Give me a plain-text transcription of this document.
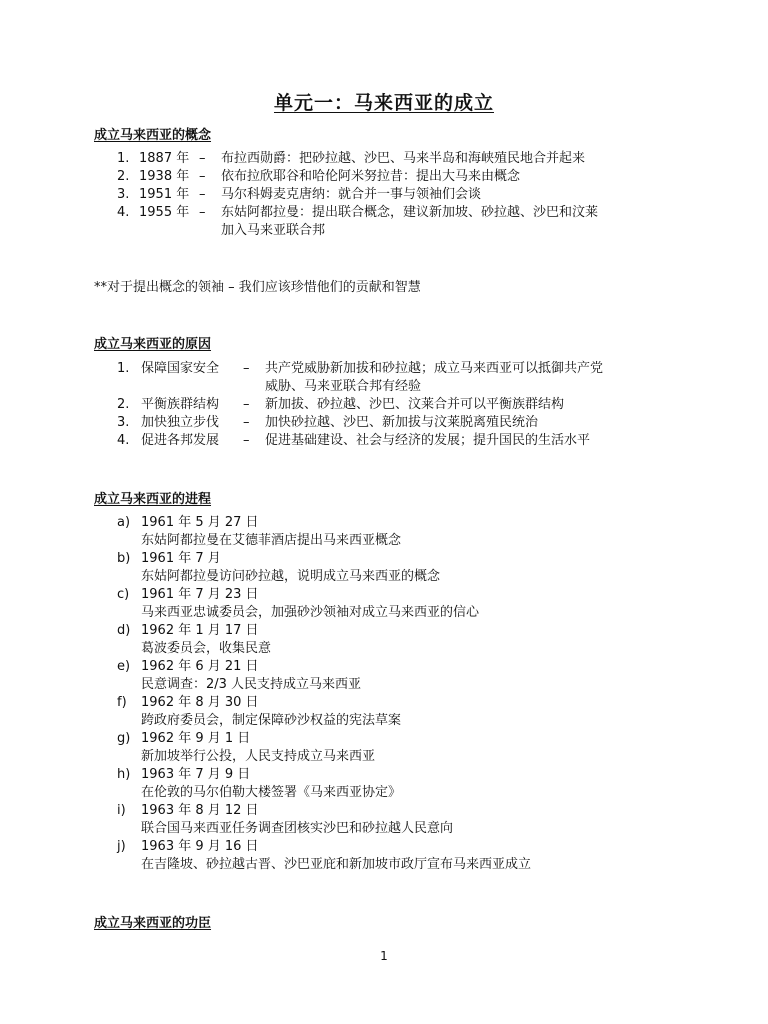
单元一：马来西亚的成立
成立马来西亚的概念
1. 1887 年 – 布拉西勋爵：把砂拉越、沙巴、马来半岛和海峡殖民地合并起来
2. 1938 年 – 依布拉欣耶谷和哈伦阿米努拉昔：提出大马来由概念
3. 1951 年 – 马尔科姆麦克唐纳：就合并一事与领袖们会谈
4. 1955 年 – 东姑阿都拉曼：提出联合概念，建议新加坡、砂拉越、沙巴和汶莱
加入马来亚联合邦
**对于提出概念的领袖 – 我们应该珍惜他们的贡献和智慧
成立马来西亚的原因
1. 保障国家安全 – 共产党威胁新加拔和砂拉越；成立马来西亚可以抵御共产党
威胁、马来亚联合邦有经验
2. 平衡族群结构 – 新加拔、砂拉越、沙巴、汶莱合并可以平衡族群结构
3. 加快独立步伐 – 加快砂拉越、沙巴、新加拔与汶莱脱离殖民统治
4. 促进各邦发展 – 促进基础建设、社会与经济的发展；提升国民的生活水平
成立马来西亚的进程
a) 1961 年 5 月 27 日
东姑阿都拉曼在艾德菲酒店提出马来西亚概念
b) 1961 年 7 月
东姑阿都拉曼访问砂拉越，说明成立马来西亚的概念
c) 1961 年 7 月 23 日
马来西亚忠诚委员会，加强砂沙领袖对成立马来西亚的信心
d) 1962 年 1 月 17 日
葛波委员会，收集民意
e) 1962 年 6 月 21 日
民意调查：2/3 人民支持成立马来西亚
f) 1962 年 8 月 30 日
跨政府委员会，制定保障砂沙权益的宪法草案
g) 1962 年 9 月 1 日
新加坡举行公投，人民支持成立马来西亚
h) 1963 年 7 月 9 日
在伦敦的马尔伯勒大楼签署《马来西亚协定》
i) 1963 年 8 月 12 日
联合国马来西亚任务调查团核实沙巴和砂拉越人民意向
j) 1963 年 9 月 16 日
在吉隆坡、砂拉越古晋、沙巴亚庇和新加坡市政厅宣布马来西亚成立
成立马来西亚的功臣
1
